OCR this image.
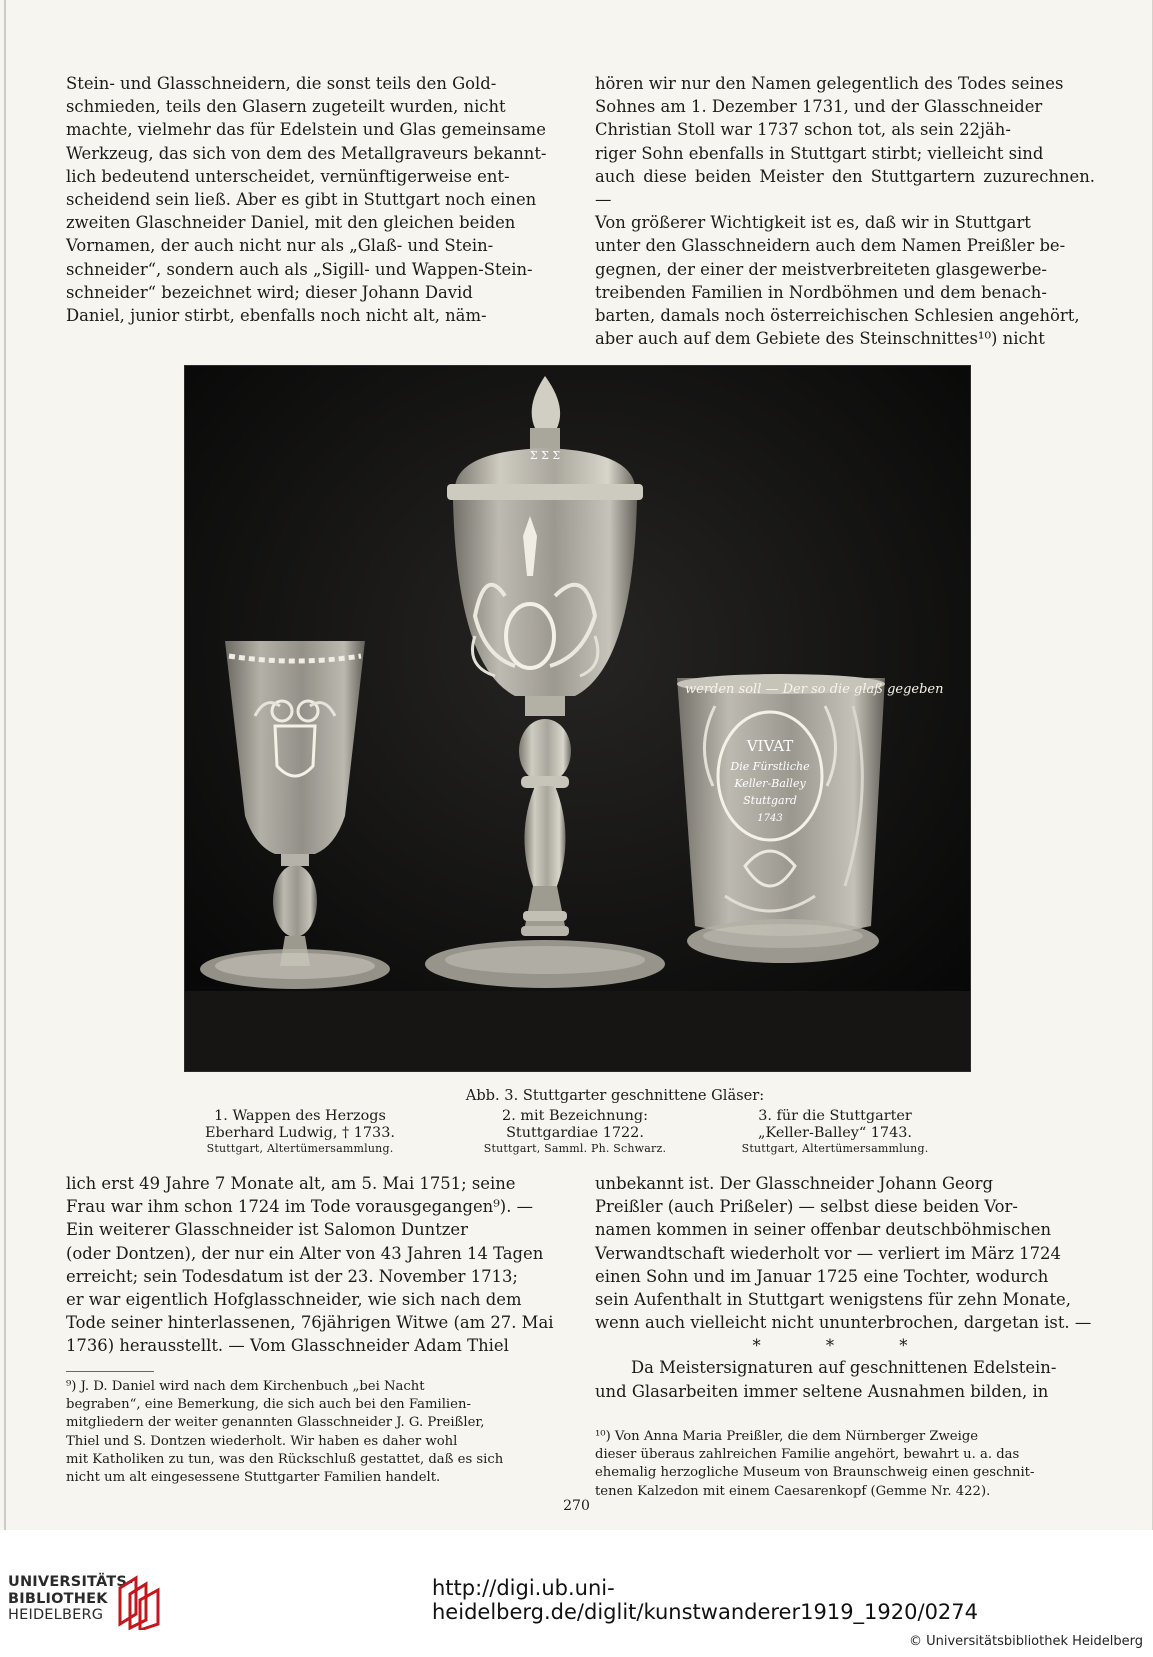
Stein- und Glasschneidern, die sonst teils den Gold-

schmieden, teils den Glasern zugeteilt wurden, nicht

machte, vielmehr das für Edelstein und Glas gemeinsame

Werkzeug, das sich von dem des Metallgraveurs bekannt-

lich bedeutend unterscheidet, vernünftigerweise ent-

scheidend sein ließ. Aber es gibt in Stuttgart noch einen

zweiten Glaschneider Daniel, mit den gleichen beiden

Vornamen, der auch nicht nur als „Glaß- und Stein-

schneider“, sondern auch als „Sigill- und Wappen-Stein-

schneider“ bezeichnet wird; dieser Johann David

Daniel, junior stirbt, ebenfalls noch nicht alt, näm-

hören wir nur den Namen gelegentlich des Todes seines

Sohnes am 1. Dezember 1731, und der Glasschneider

Christian Stoll war 1737 schon tot, als sein 22jäh-

riger Sohn ebenfalls in Stuttgart stirbt; vielleicht sind

auch diese beiden Meister den Stuttgartern zuzurechnen. —

Von größerer Wichtigkeit ist es, daß wir in Stuttgart

unter den Glasschneidern auch dem Namen Preißler be-

gegnen, der einer der meistverbreiteten glasgewerbe-

treibenden Familien in Nordböhmen und dem benach-

barten, damals noch österreichischen Schlesien angehört,

aber auch auf dem Gebiete des Steinschnittes¹⁰) nicht

Σ Σ Σ
werden soll — Der so die glaß gegeben
VIVAT
Die Fürstliche
Keller-Balley
Stuttgard
1743
Abb. 3. Stuttgarter geschnittene Gläser:
1. Wappen des Herzogs
Eberhard Ludwig, † 1733.
Stuttgart, Altertümersammlung.
2. mit Bezeichnung:
Stuttgardiae 1722.
Stuttgart, Samml. Ph. Schwarz.
3. für die Stuttgarter
„Keller-Balley“ 1743.
Stuttgart, Altertümersammlung.

lich erst 49 Jahre 7 Monate alt, am 5. Mai 1751; seine

Frau war ihm schon 1724 im Tode vorausgegangen⁹). —

Ein weiterer Glasschneider ist Salomon Duntzer

(oder Dontzen), der nur ein Alter von 43 Jahren 14 Tagen

erreicht; sein Todesdatum ist der 23. November 1713;

er war eigentlich Hofglasschneider, wie sich nach dem

Tode seiner hinterlassenen, 76jährigen Witwe (am 27. Mai

1736) herausstellt. — Vom Glasschneider Adam Thiel

unbekannt ist. Der Glasschneider Johann Georg

Preißler (auch Prißeler) — selbst diese beiden Vor-

namen kommen in seiner offenbar deutschböhmischen

Verwandtschaft wiederholt vor — verliert im März 1724

einen Sohn und im Januar 1725 eine Tochter, wodurch

sein Aufenthalt in Stuttgart wenigstens für zehn Monate,

wenn auch vielleicht nicht ununterbrochen, dargetan ist. —

* * *

Da Meistersignaturen auf geschnittenen Edelstein-

und Glasarbeiten immer seltene Ausnahmen bilden, in

⁹) J. D. Daniel wird nach dem Kirchenbuch „bei Nacht

begraben“, eine Bemerkung, die sich auch bei den Familien-

mitgliedern der weiter genannten Glasschneider J. G. Preißler,

Thiel und S. Dontzen wiederholt. Wir haben es daher wohl

mit Katholiken zu tun, was den Rückschluß gestattet, daß es sich

nicht um alt eingesessene Stuttgarter Familien handelt.

¹⁰) Von Anna Maria Preißler, die dem Nürnberger Zweige

dieser überaus zahlreichen Familie angehört, bewahrt u. a. das

ehemalig herzogliche Museum von Braunschweig einen geschnit-

tenen Kalzedon mit einem Caesarenkopf (Gemme Nr. 422).

270
UNIVERSITÄTS-
BIBLIOTHEK
HEIDELBERG
http://digi.ub.uni-heidelberg.de/diglit/kunstwanderer1919_1920/0274
© Universitätsbibliothek Heidelberg
